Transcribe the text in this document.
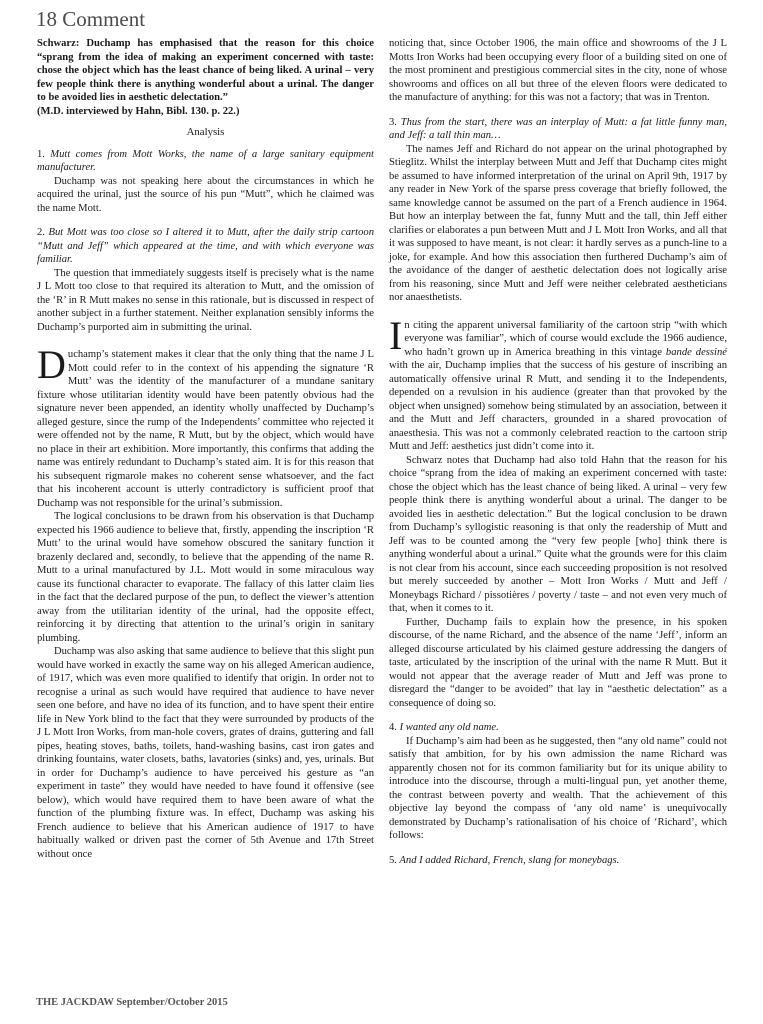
18 Comment

Schwarz: Duchamp has emphasised that the reason for this choice “sprang from the idea of making an experiment concerned with taste: chose the object which has the least chance of being liked. A urinal – very few people think there is anything wonderful about a urinal. The danger to be avoided lies in aesthetic delectation.”

(M.D. interviewed by Hahn, Bibl. 130. p. 22.)

Analysis

1. Mutt comes from Mott Works, the name of a large sanitary equipment manufacturer.

Duchamp was not speaking here about the circumstances in which he acquired the urinal, just the source of his pun “Mutt”, which he claimed was the name Mott.

2. But Mott was too close so I altered it to Mutt, after the daily strip cartoon “Mutt and Jeff” which appeared at the time, and with which everyone was familiar.

The question that immediately suggests itself is precisely what is the name J L Mott too close to that required its alteration to Mutt, and the omission of the ‘R’ in R Mutt makes no sense in this rationale, but is discussed in respect of another subject in a further statement. Neither explanation sensibly informs the Duchamp’s purported aim in submitting the urinal.

Duchamp’s statement makes it clear that the only thing that the name J L Mott could refer to in the context of his appending the signature ‘R Mutt’ was the identity of the manufacturer of a mundane sanitary fixture whose utilitarian identity would have been patently obvious had the signature never been appended, an identity wholly unaffected by Duchamp’s alleged gesture, since the rump of the Independents’ committee who rejected it were offended not by the name, R Mutt, but by the object, which would have no place in their art exhibition. More importantly, this confirms that adding the name was entirely redundant to Duchamp’s stated aim. It is for this reason that his subsequent rigmarole makes no coherent sense whatsoever, and the fact that his incoherent account is utterly contradictory is sufficient proof that Duchamp was not responsible for the urinal’s submission.

The logical conclusions to be drawn from his observation is that Duchamp expected his 1966 audience to believe that, firstly, appending the inscription ‘R Mutt’ to the urinal would have somehow obscured the sanitary function it brazenly declared and, secondly, to believe that the appending of the name R. Mutt to a urinal manufactured by J.L. Mott would in some miraculous way cause its functional character to evaporate. The fallacy of this latter claim lies in the fact that the declared purpose of the pun, to deflect the viewer’s attention away from the utilitarian identity of the urinal, had the opposite effect, reinforcing it by directing that attention to the urinal’s origin in sanitary plumbing.

Duchamp was also asking that same audience to believe that this slight pun would have worked in exactly the same way on his alleged American audience, of 1917, which was even more qualified to identify that origin. In order not to recognise a urinal as such would have required that audience to have never seen one before, and have no idea of its function, and to have spent their entire life in New York blind to the fact that they were surrounded by products of the J L Mott Iron Works, from man-hole covers, grates of drains, guttering and fall pipes, heating stoves, baths, toilets, hand-washing basins, cast iron gates and drinking fountains, water closets, baths, lavatories (sinks) and, yes, urinals. But in order for Duchamp’s audience to have perceived his gesture as “an experiment in taste” they would have needed to have found it offensive (see below), which would have required them to have been aware of what the function of the plumbing fixture was. In effect, Duchamp was asking his French audience to believe that his American audience of 1917 to have habitually walked or driven past the corner of 5th Avenue and 17th Street without once

noticing that, since October 1906, the main office and showrooms of the J L Motts Iron Works had been occupying every floor of a building sited on one of the most prominent and prestigious commercial sites in the city, none of whose showrooms and offices on all but three of the eleven floors were dedicated to the manufacture of anything: for this was not a factory; that was in Trenton.

3. Thus from the start, there was an interplay of Mutt: a fat little funny man, and Jeff: a tall thin man…

The names Jeff and Richard do not appear on the urinal photographed by Stieglitz. Whilst the interplay between Mutt and Jeff that Duchamp cites might be assumed to have informed interpretation of the urinal on April 9th, 1917 by any reader in New York of the sparse press coverage that briefly followed, the same knowledge cannot be assumed on the part of a French audience in 1964. But how an interplay between the fat, funny Mutt and the tall, thin Jeff either clarifies or elaborates a pun between Mutt and J L Mott Iron Works, and all that it was supposed to have meant, is not clear: it hardly serves as a punch-line to a joke, for example. And how this association then furthered Duchamp’s aim of the avoidance of the danger of aesthetic delectation does not logically arise from his reasoning, since Mutt and Jeff were neither celebrated aestheticians nor anaesthetists.

In citing the apparent universal familiarity of the cartoon strip “with which everyone was familiar”, which of course would exclude the 1966 audience, who hadn’t grown up in America breathing in this vintage bande dessiné with the air, Duchamp implies that the success of his gesture of inscribing an automatically offensive urinal R Mutt, and sending it to the Independents, depended on a revulsion in his audience (greater than that provoked by the object when unsigned) somehow being stimulated by an association, between it and the Mutt and Jeff characters, grounded in a shared provocation of anaesthesia. This was not a commonly celebrated reaction to the cartoon strip Mutt and Jeff: aesthetics just didn’t come into it.

Schwarz notes that Duchamp had also told Hahn that the reason for his choice “sprang from the idea of making an experiment concerned with taste: chose the object which has the least chance of being liked. A urinal – very few people think there is anything wonderful about a urinal. The danger to be avoided lies in aesthetic delectation.” But the logical conclusion to be drawn from Duchamp’s syllogistic reasoning is that only the readership of Mutt and Jeff was to be counted among the “very few people [who] think there is anything wonderful about a urinal.” Quite what the grounds were for this claim is not clear from his account, since each succeeding proposition is not resolved but merely succeeded by another – Mott Iron Works / Mutt and Jeff / Moneybags Richard / pissotières / poverty / taste – and not even very much of that, when it comes to it.

Further, Duchamp fails to explain how the presence, in his spoken discourse, of the name Richard, and the absence of the name ‘Jeff’, inform an alleged discourse articulated by his claimed gesture addressing the dangers of taste, articulated by the inscription of the urinal with the name R Mutt. But it would not appear that the average reader of Mutt and Jeff was prone to disregard the “danger to be avoided” that lay in “aesthetic delectation” as a consequence of doing so.

4. I wanted any old name.

If Duchamp’s aim had been as he suggested, then “any old name” could not satisfy that ambition, for by his own admission the name Richard was apparently chosen not for its common familiarity but for its unique ability to introduce into the discourse, through a multi-lingual pun, yet another theme, the contrast between poverty and wealth. That the achievement of this objective lay beyond the compass of ‘any old name’ is unequivocally demonstrated by Duchamp’s rationalisation of his choice of ‘Richard’, which follows:

5. And I added Richard, French, slang for moneybags.

THE JACKDAW September/October 2015
